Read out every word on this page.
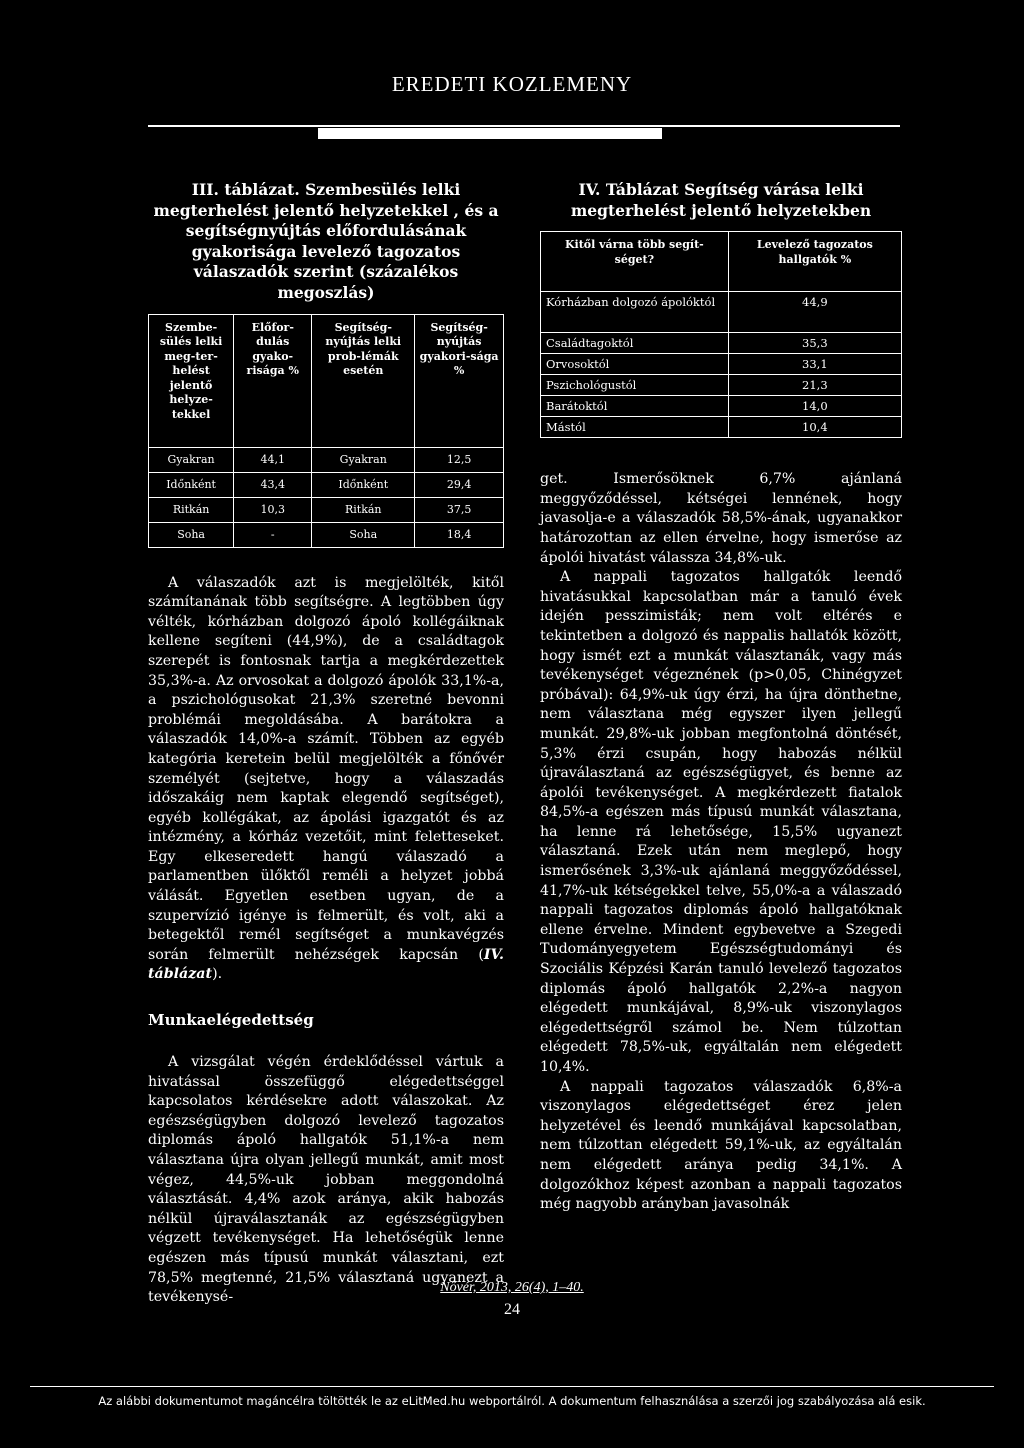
EREDETI KOZLEMENY

III. táblázat. Szembesülés lelki megterhelést jelentő helyzetekkel , és a segítségnyújtás előfordulásának gyakorisága levelező tagozatos válaszadók szerint (százalékos megoszlás)

Szembe-sülés lelki meg-ter-helést jelentő helyze-tekkel	Előfor-dulás gyako-risága %	Segítség-nyújtás lelki prob-lémák esetén	Segítség-nyújtás gyakori-sága %
Gyakran	44,1	Gyakran	12,5
Időnként	43,4	Időnként	29,4
Ritkán	10,3	Ritkán	37,5
Soha	-	Soha	18,4

A válaszadók azt is megjelölték, kitől számítanának több segítségre. A legtöbben úgy vélték, kórházban dolgozó ápoló kollégáiknak kellene segíteni (44,9%), de a családtagok szerepét is fontosnak tartja a megkérdezettek 35,3%-a. Az orvosokat a dolgozó ápolók 33,1%-a, a pszichológusokat 21,3% szeretné bevonni problémái megoldásába. A barátokra a válaszadók 14,0%-a számít. Többen az egyéb kategória keretein belül megjelölték a főnővér személyét (sejtetve, hogy a válaszadás időszakáig nem kaptak elegendő segítséget), egyéb kollégákat, az ápolási igazgatót és az intézmény, a kórház vezetőit, mint feletteseket. Egy elkeseredett hangú válaszadó a parlamentben ülőktől reméli a helyzet jobbá válását. Egyetlen esetben ugyan, de a szupervízió igénye is felmerült, és volt, aki a betegektől remél segítséget a munkavégzés során felmerült nehézségek kapcsán (IV. táblázat).

Munkaelégedettség

A vizsgálat végén érdeklődéssel vártuk a hivatással összefüggő elégedettséggel kapcsolatos kérdésekre adott válaszokat. Az egészségügyben dolgozó levelező tagozatos diplomás ápoló hallgatók 51,1%-a nem választana újra olyan jellegű munkát, amit most végez, 44,5%-uk jobban meggondolná választását. 4,4% azok aránya, akik habozás nélkül újraválasztanák az egészségügyben végzett tevékenységet. Ha lehetőségük lenne egészen más típusú munkát választani, ezt 78,5% megtenné, 21,5% választaná ugyanezt a tevékenysé-

IV. Táblázat Segítség várása lelki megterhelést jelentő helyzetekben

Kitől várna több segít-séget?	Levelező tagozatos hallgatók %
Kórházban dolgozó ápolóktól	44,9
Családtagoktól	35,3
Orvosoktól	33,1
Pszichológustól	21,3
Barátoktól	14,0
Mástól	10,4

get. Ismerősöknek 6,7% ajánlaná meggyőződéssel, kétségei lennének, hogy javasolja-e a válaszadók 58,5%-ának, ugyanakkor határozottan az ellen érvelne, hogy ismerőse az ápolói hivatást válassza 34,8%-uk.

A nappali tagozatos hallgatók leendő hivatásukkal kapcsolatban már a tanuló évek idején pesszimisták; nem volt eltérés e tekintetben a dolgozó és nappalis hallatók között, hogy ismét ezt a munkát választanák, vagy más tevékenységet végeznének (p>0,05, Chinégyzet próbával): 64,9%-uk úgy érzi, ha újra dönthetne, nem választana még egyszer ilyen jellegű munkát. 29,8%-uk jobban megfontolná döntését, 5,3% érzi csupán, hogy habozás nélkül újraválasztaná az egészségügyet, és benne az ápolói tevékenységet. A megkérdezett fiatalok 84,5%-a egészen más típusú munkát választana, ha lenne rá lehetősége, 15,5% ugyanezt választaná. Ezek után nem meglepő, hogy ismerősének 3,3%-uk ajánlaná meggyőződéssel, 41,7%-uk kétségekkel telve, 55,0%-a a válaszadó nappali tagozatos diplomás ápoló hallgatóknak ellene érvelne. Mindent egybevetve a Szegedi Tudományegyetem Egészségtudományi és Szociális Képzési Karán tanuló levelező tagozatos diplomás ápoló hallgatók 2,2%-a nagyon elégedett munkájával, 8,9%-uk viszonylagos elégedettségről számol be. Nem túlzottan elégedett 78,5%-uk, egyáltalán nem elégedett 10,4%.

A nappali tagozatos válaszadók 6,8%-a viszonylagos elégedettséget érez jelen helyzetével és leendő munkájával kapcsolatban, nem túlzottan elégedett 59,1%-uk, az egyáltalán nem elégedett aránya pedig 34,1%. A dolgozókhoz képest azonban a nappali tagozatos még nagyobb arányban javasolnák

Nővér, 2013, 26(4), 1–40.
24
Az alábbi dokumentumot magáncélra töltötték le az eLitMed.hu webportálról. A dokumentum felhasználása a szerzői jog szabályozása alá esik.
